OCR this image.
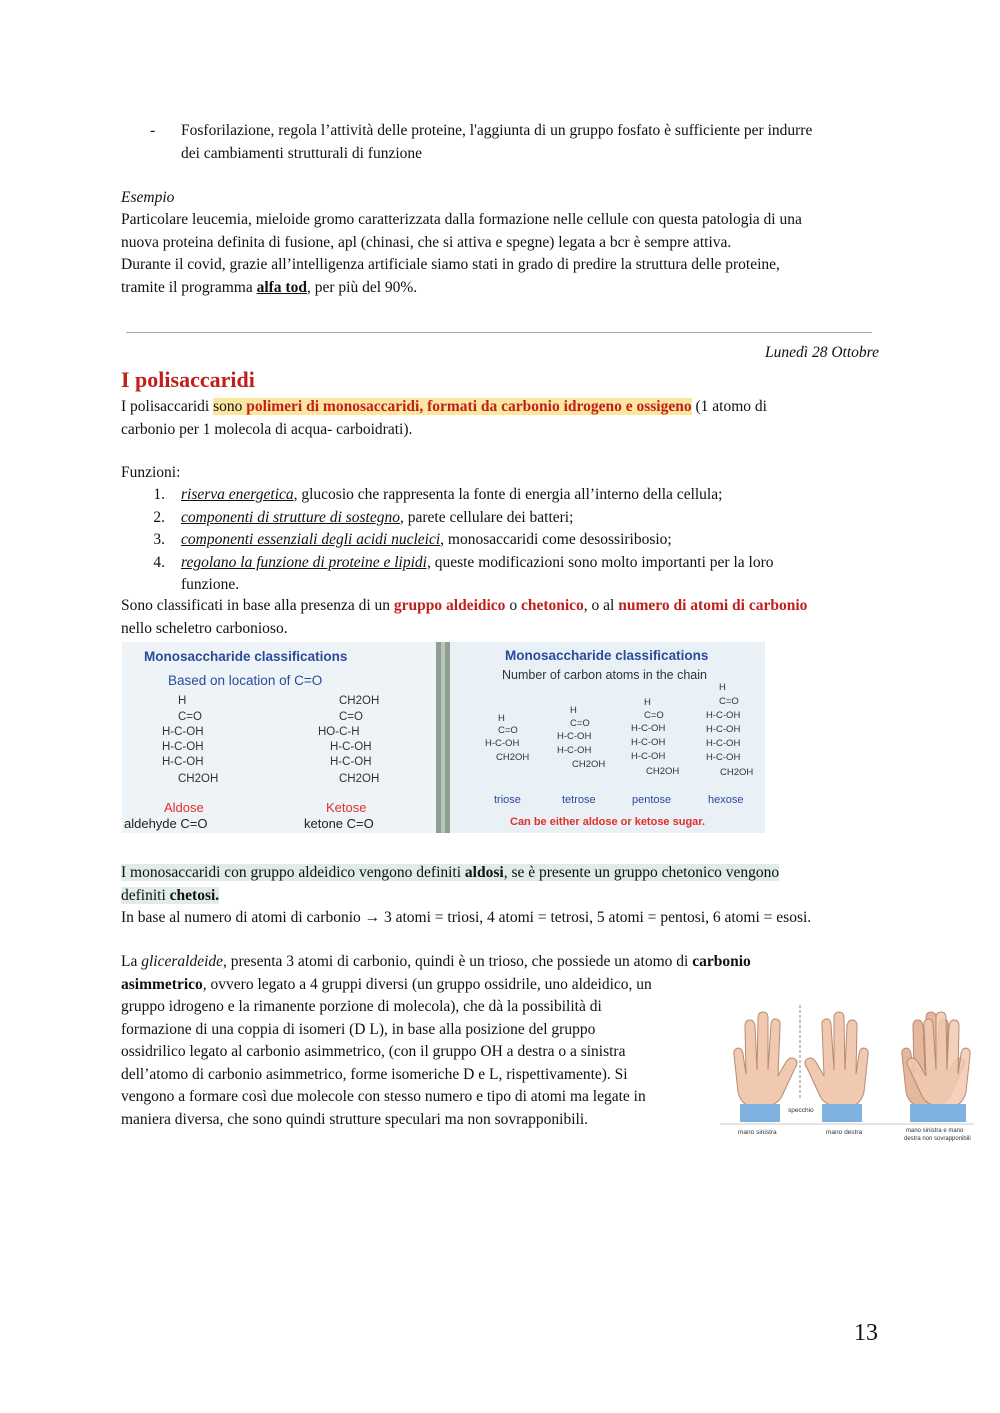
- Fosforilazione, regola l’attività delle proteine, l'aggiunta di un gruppo fosfato è sufficiente per indurre
dei cambiamenti strutturali di funzione
Esempio
Particolare leucemia, mieloide gromo caratterizzata dalla formazione nelle cellule con questa patologia di una
nuova proteina definita di fusione, apl (chinasi, che si attiva e spegne) legata a bcr è sempre attiva.
Durante il covid, grazie all’intelligenza artificiale siamo stati in grado di predire la struttura delle proteine,
tramite il programma alfa tod, per più del 90%.
Lunedì 28 Ottobre
I polisaccaridi
I polisaccaridi sono polimeri di monosaccaridi, formati da carbonio idrogeno e ossigeno (1 atomo di
carbonio per 1 molecola di acqua- carboidrati).
Funzioni:
1. riserva energetica, glucosio che rappresenta la fonte di energia all’interno della cellula;
2. componenti di strutture di sostegno, parete cellulare dei batteri;
3. componenti essenziali degli acidi nucleici, monosaccaridi come desossiribosio;
4. regolano la funzione di proteine e lipidi, queste modificazioni sono molto importanti per la loro
funzione.
Sono classificati in base alla presenza di un gruppo aldeidico o chetonico, o al numero di atomi di carbonio
nello scheletro carbonioso.
Monosaccharide classifications
Based on location of C=O
H
C=O
H-C-OH
H-C-OH
H-C-OH
CH2OH
CH2OH
C=O
HO-C-H
H-C-OH
H-C-OH
CH2OH
Aldose
aldehyde C=O
Ketose
ketone C=O
Monosaccharide classifications
Number of carbon atoms in the chain
H
C=O
H-C-OH
CH2OH
H
C=O
H-C-OH
H-C-OH
CH2OH
H
C=O
H-C-OH
H-C-OH
H-C-OH
CH2OH
H
C=O
H-C-OH
H-C-OH
H-C-OH
H-C-OH
CH2OH
triose	tetrose	pentose	hexose
Can be either aldose or ketose sugar.
I monosaccaridi con gruppo aldeidico vengono definiti aldosi, se è presente un gruppo chetonico vengono
definiti chetosi.
In base al numero di atomi di carbonio → 3 atomi = triosi, 4 atomi = tetrosi, 5 atomi = pentosi, 6 atomi = esosi.
La gliceraldeide, presenta 3 atomi di carbonio, quindi è un trioso, che possiede un atomo di carbonio
asimmetrico, ovvero legato a 4 gruppi diversi (un gruppo ossidrile, uno aldeidico, un
gruppo idrogeno e la rimanente porzione di molecola), che dà la possibilità di
formazione di una coppia di isomeri (D L), in base alla posizione del gruppo
ossidrilico legato al carbonio asimmetrico, (con il gruppo OH a destra o a sinistra
dell’atomo di carbonio asimmetrico, forme isomeriche D e L, rispettivamente). Si
vengono a formare così due molecole con stesso numero e tipo di atomi ma legate in
maniera diversa, che sono quindi strutture speculari ma non sovrapponibili.	specchio
mano sinistra	mano destra	mano sinistra e mano
destra non sovrapponibili
13
